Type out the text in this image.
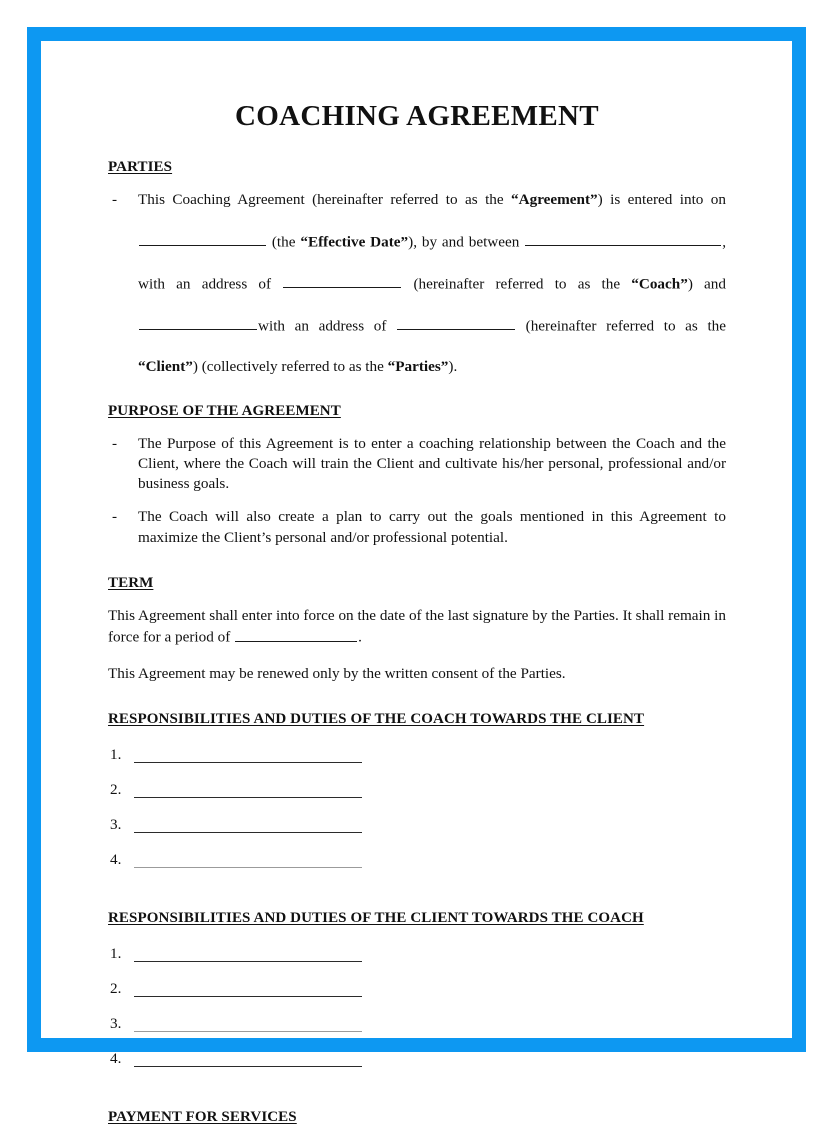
COACHING AGREEMENT
PARTIES
- This Coaching Agreement (hereinafter referred to as the “Agreement”) is entered into on
(the “Effective Date”), by and between	,
with an address of	(hereinafter referred to as the “Coach”) and
with an address of	(hereinafter referred to as the
“Client”) (collectively referred to as the “Parties”).
PURPOSE OF THE AGREEMENT
- The Purpose of this Agreement is to enter a coaching relationship between the Coach and the Client, where the Coach will train the Client and cultivate his/her personal, professional and/or business goals.
- The Coach will also create a plan to carry out the goals mentioned in this Agreement to maximize the Client’s personal and/or professional potential.
TERM

This Agreement shall enter into force on the date of the last signature by the Parties. It shall remain in force for a period of	.

This Agreement may be renewed only by the written consent of the Parties.

RESPONSIBILITIES AND DUTIES OF THE COACH TOWARDS THE CLIENT
1.
2.
3.
4.
RESPONSIBILITIES AND DUTIES OF THE CLIENT TOWARDS THE COACH
1.
2.
3.
4.
PAYMENT FOR SERVICES
